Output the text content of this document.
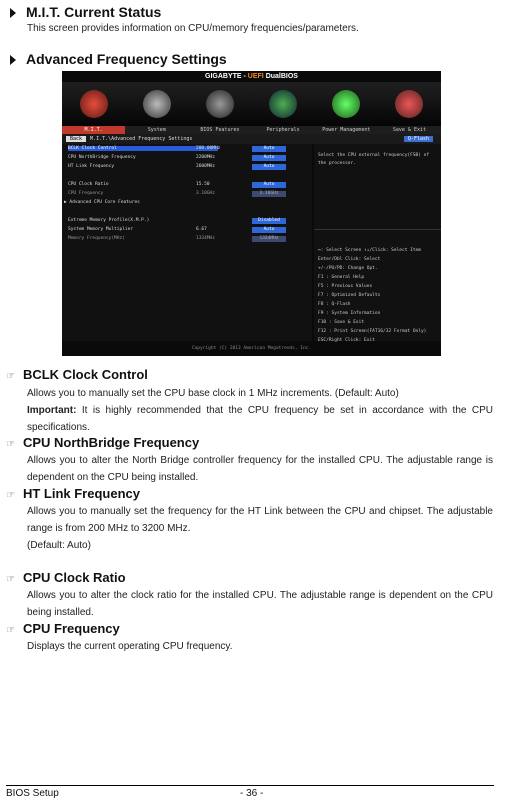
M.I.T. Current Status
This screen provides information on CPU/memory frequencies/parameters.
Advanced Frequency Settings
GIGABYTE - UEFI DualBIOS
M.I.T.	System	BIOS Features	Peripherals	Power Management	Save & Exit
Back	M.I.T.\Advanced Frequency Settings	Q-Flash
BCLK Clock Control	200.00MHz	Auto
CPU NorthBridge Frequency	2200MHz	Auto
HT Link Frequency	2600MHz	Auto
CPU Clock Ratio	15.50	Auto
CPU Frequency	3.10GHz	3.10GHz
▶ Advanced CPU Core Features
Extreme Memory Profile(X.M.P.)	Disabled
System Memory Multiplier	6.67	Auto
Memory Frequency(MHz)	1334MHz	1334MHz
Select the CPU external frequency(FSB) of the processor.
↔: Select Screen ↑↓/Click: Select Item
Enter/Dbl Click: Select
+/-/PU/PD: Change Opt.
F1 : General Help
F5 : Previous Values
F7 : Optimized Defaults
F8 : Q-Flash
F9 : System Information
F10 : Save & Exit
F12 : Print Screen(FAT16/32 Format Only)
ESC/Right Click: Exit
Copyright (C) 2013 American Megatrends, Inc.
☞ BCLK Clock Control
Allows you to manually set the CPU base clock in 1 MHz increments. (Default: Auto)
Important: It is highly recommended that the CPU frequency be set in accordance with the CPU specifications.
☞ CPU NorthBridge Frequency
Allows you to alter the North Bridge controller frequency for the installed CPU. The adjustable range is dependent on the CPU being installed.
☞ HT Link Frequency
Allows you to manually set the frequency for the HT Link between the CPU and chipset. The adjustable range is from 200 MHz to 3200 MHz.
(Default: Auto)
☞ CPU Clock Ratio
Allows you to alter the clock ratio for the installed CPU. The adjustable range is dependent on the CPU being installed.
☞ CPU Frequency
Displays the current operating CPU frequency.
BIOS Setup	- 36 -
